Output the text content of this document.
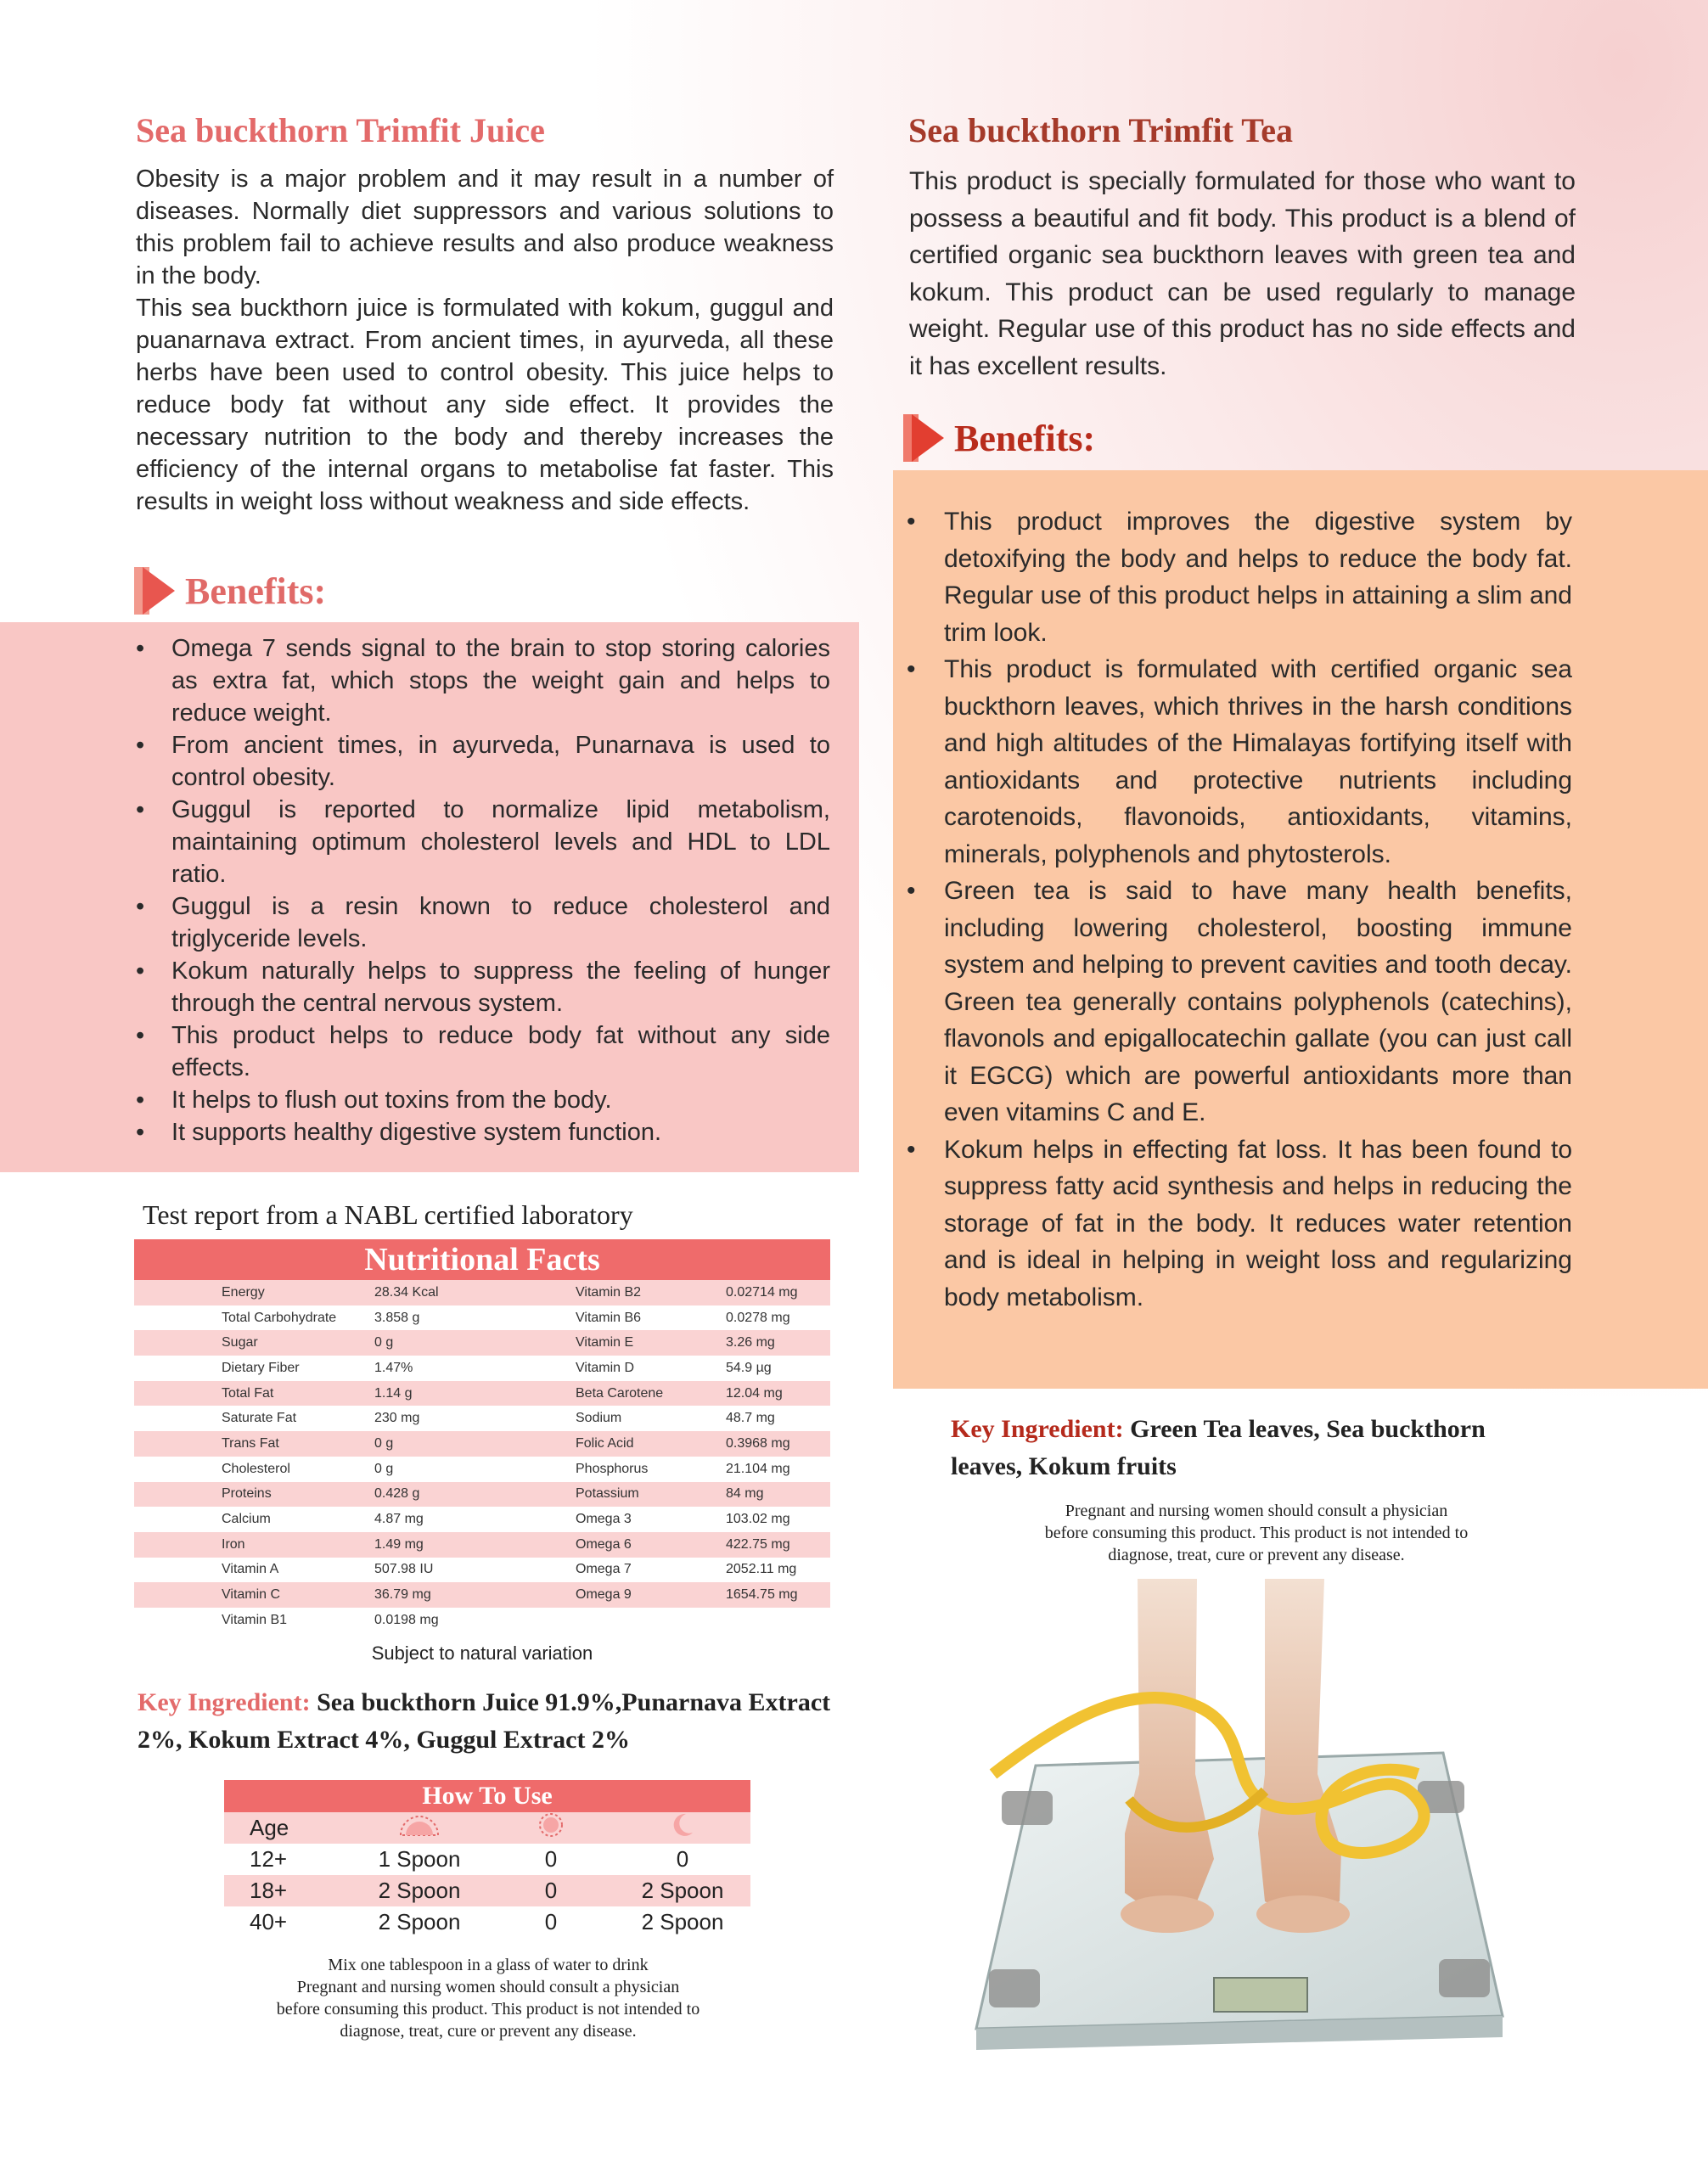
Sea buckthorn Trimfit Juice

Obesity is a major problem and it may result in a number of diseases. Normally diet suppressors and various solutions to this problem fail to achieve results and also produce weakness in the body.

This sea buckthorn juice is formulated with kokum, guggul and puanarnava extract. From ancient times, in ayurveda, all these herbs have been used to control obesity. This juice helps to reduce body fat without any side effect. It provides the necessary nutrition to the body and thereby increases the efficiency of the internal organs to metabolise fat faster. This results in weight loss without weakness and side effects.

Benefits:
• Omega 7 sends signal to the brain to stop storing calories as extra fat, which stops the weight gain and helps to reduce weight.
• From ancient times, in ayurveda, Punarnava is used to control obesity.
• Guggul is reported to normalize lipid metabolism, maintaining optimum cholesterol levels and HDL to LDL ratio.
• Guggul is a resin known to reduce cholesterol and triglyceride levels.
• Kokum naturally helps to suppress the feeling of hunger through the central nervous system.
• This product helps to reduce body fat without any side effects.
• It helps to flush out toxins from the body.
• It supports healthy digestive system function.
Test report from a NABL certified laboratory
Nutritional Facts
Energy	28.34 Kcal	Vitamin B2	0.02714 mg
Total Carbohydrate	3.858 g	Vitamin B6	0.0278 mg
Sugar	0 g	Vitamin E	3.26 mg
Dietary Fiber	1.47%	Vitamin D	54.9 µg
Total Fat	1.14 g	Beta Carotene	12.04 mg
Saturate Fat	230 mg	Sodium	48.7 mg
Trans Fat	0 g	Folic Acid	0.3968 mg
Cholesterol	0 g	Phosphorus	21.104 mg
Proteins	0.428 g	Potassium	84 mg
Calcium	4.87 mg	Omega 3	103.02 mg
Iron	1.49 mg	Omega 6	422.75 mg
Vitamin A	507.98 IU	Omega 7	2052.11 mg
Vitamin C	36.79 mg	Omega 9	1654.75 mg
Vitamin B1	0.0198 mg
Subject to natural variation
Key Ingredient: Sea buckthorn Juice 91.9%,Punarnava Extract 2%, Kokum Extract 4%, Guggul Extract 2%
How To Use
Age
12+	1 Spoon	0	0
18+	2 Spoon	0	2 Spoon
40+	2 Spoon	0	2 Spoon
Mix one tablespoon in a glass of water to drink
Pregnant and nursing women should consult a physician
before consuming this product. This product is not intended to
diagnose, treat, cure or prevent any disease.
Sea buckthorn Trimfit Tea

This product is specially formulated for those who want to possess a beautiful and fit body. This product is a blend of certified organic sea buckthorn leaves with green tea and kokum. This product can be used regularly to manage weight. Regular use of this product has no side effects and it has excellent results.

Benefits:
• This product improves the digestive system by detoxifying the body and helps to reduce the body fat. Regular use of this product helps in attaining a slim and trim look.
• This product is formulated with certified organic sea buckthorn leaves, which thrives in the harsh conditions and high altitudes of the Himalayas fortifying itself with antioxidants and protective nutrients including carotenoids, flavonoids, antioxidants, vitamins, minerals, polyphenols and phytosterols.
• Green tea is said to have many health benefits, including lowering cholesterol, boosting immune system and helping to prevent cavities and tooth decay. Green tea generally contains polyphenols (catechins), flavonols and epigallocatechin gallate (you can just call it EGCG) which are powerful antioxidants more than even vitamins C and E.
• Kokum helps in effecting fat loss. It has been found to suppress fatty acid synthesis and helps in reducing the storage of fat in the body. It reduces water retention and is ideal in helping in weight loss and regularizing body metabolism.
Key Ingredient: Green Tea leaves, Sea buckthorn leaves, Kokum fruits
Pregnant and nursing women should consult a physician
before consuming this product. This product is not intended to
diagnose, treat, cure or prevent any disease.
